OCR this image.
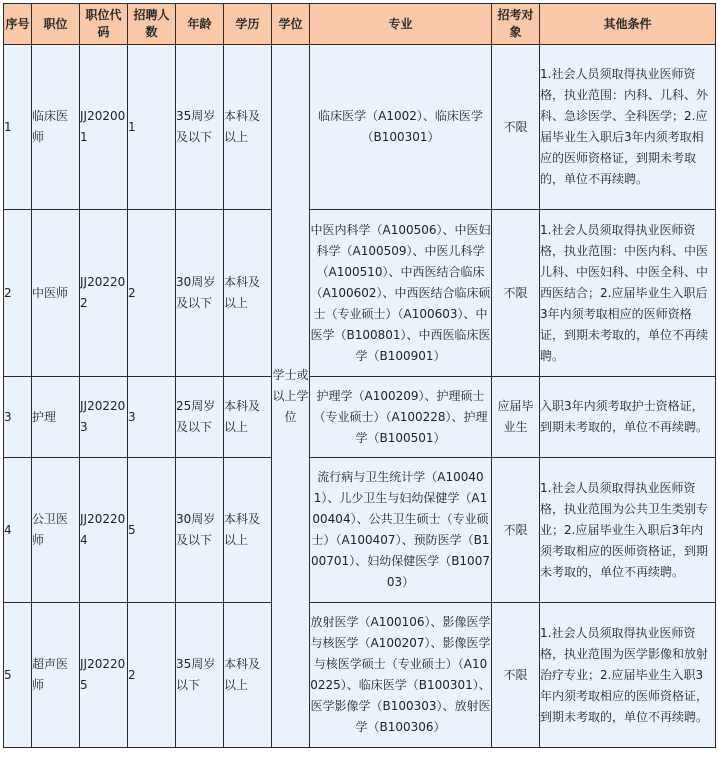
序号	职位	职位代码	招聘人数	年龄	学历	学位	专业	招考对象	其他条件
1	临床医师	JJ202001	1	35周岁及以下	本科及以上	学士或以上学位	临床医学（A1002）、临床医学（B100301）	不限	1.社会人员须取得执业医师资格，执业范围：内科、儿科、外科、急诊医学、全科医学；2.应届毕业生入职后3年内须考取相应的医师资格证，到期未考取的，单位不再续聘。
2	中医师	JJ202202	2	30周岁及以下	本科及以上		中医内科学（A100506）、中医妇科学（A100509）、中医儿科学（A100510）、中西医结合临床（A100602）、中西医结合临床硕士（专业硕士）（A100603）、中医学（B100801）、中西医临床医学（B100901）	不限	1.社会人员须取得执业医师资格，执业范围：中医内科、中医儿科、中医妇科、中医全科、中西医结合；2.应届毕业生入职后3年内须考取相应的医师资格证，到期未考取的，单位不再续聘。
3	护理	JJ202203	3	25周岁及以下	本科及以上		护理学（A100209）、护理硕士（专业硕士）（A100228）、护理学（B100501）	应届毕业生	入职3年内须考取护士资格证，到期未考取的，单位不再续聘。
4	公卫医师	JJ202204	5	30周岁及以下	本科及以上		流行病与卫生统计学（A100401）、儿少卫生与妇幼保健学（A100404）、公共卫生硕士（专业硕士）（A100407）、预防医学（B100701）、妇幼保健医学（B100703）	不限	1.社会人员须取得执业医师资格，执业范围为公共卫生类别专业；2.应届毕业生入职后3年内须考取相应的医师资格证，到期未考取的，单位不再续聘。
5	超声医师	JJ202205	2	35周岁以下	本科及以上		放射医学（A100106）、影像医学与核医学（A100207）、影像医学与核医学硕士（专业硕士）（A100225）、临床医学（B100301）、医学影像学（B100303）、放射医学（B100306）	不限	1.社会人员须取得执业医师资格，执业范围为医学影像和放射治疗专业；2.应届毕业生入职3年内须考取相应的医师资格证，到期未考取的，单位不再续聘。
